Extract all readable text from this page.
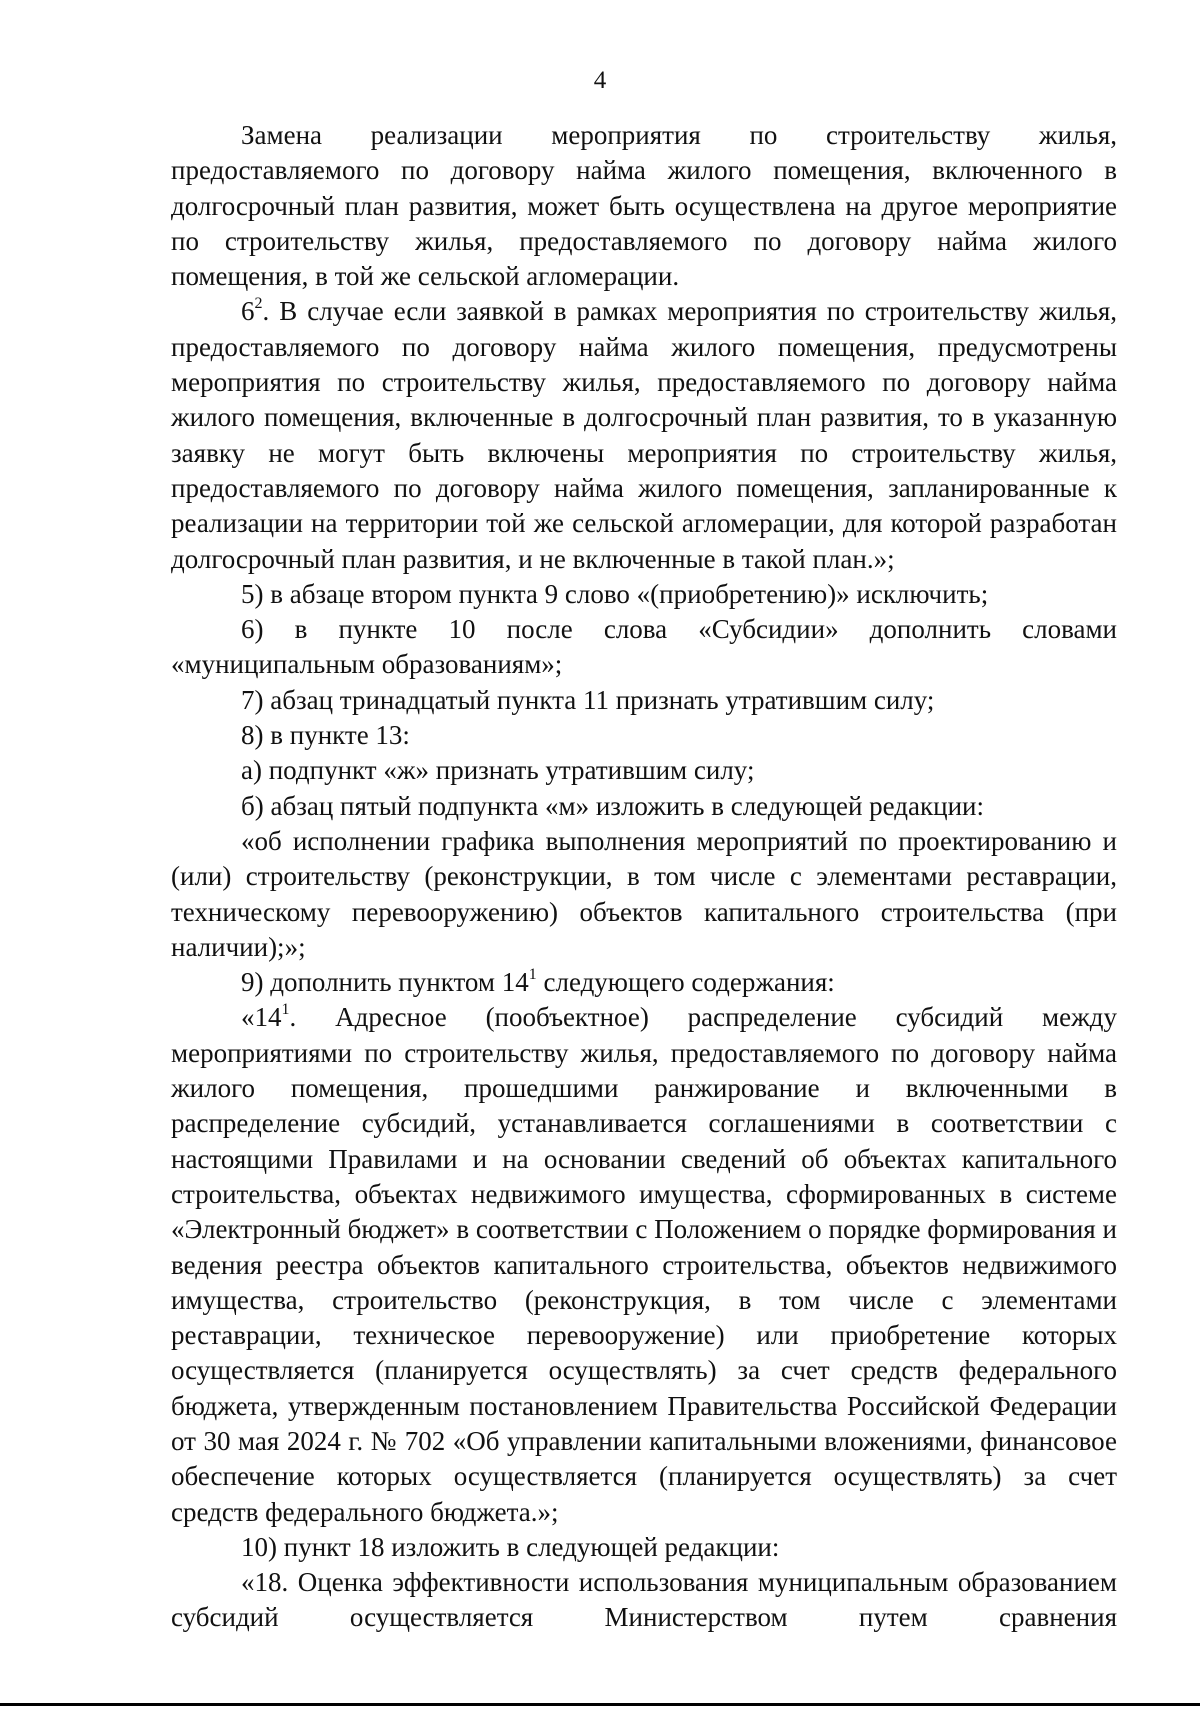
4

Замена реализации мероприятия по строительству жилья, предоставляемого по договору найма жилого помещения, включенного в долгосрочный план развития, может быть осуществлена на другое мероприятие по строительству жилья, предоставляемого по договору найма жилого помещения, в той же сельской агломерации.

$6^2$. В случае если заявкой в рамках мероприятия по строительству жилья, предоставляемого по договору найма жилого помещения, предусмотрены мероприятия по строительству жилья, предоставляемого по договору найма жилого помещения, включенные в долгосрочный план развития, то в указанную заявку не могут быть включены мероприятия по строительству жилья, предоставляемого по договору найма жилого помещения, запланированные к реализации на территории той же сельской агломерации, для которой разработан долгосрочный план развития, и не включенные в такой план.»;

5) в абзаце втором пункта 9 слово «(приобретению)» исключить;

6) в пункте 10 после слова «Субсидии» дополнить словами «муниципальным образованиям»;

7) абзац тринадцатый пункта 11 признать утратившим силу;

8) в пункте 13:

а) подпункт «ж» признать утратившим силу;

б) абзац пятый подпункта «м» изложить в следующей редакции:

«об исполнении графика выполнения мероприятий по проектированию и (или) строительству (реконструкции, в том числе с элементами реставрации, техническому перевооружению) объектов капитального строительства (при наличии);»;

9) дополнить пунктом $14^1$ следующего содержания:

«$14^1$. Адресное (пообъектное) распределение субсидий между мероприятиями по строительству жилья, предоставляемого по договору найма жилого помещения, прошедшими ранжирование и включенными в распределение субсидий, устанавливается соглашениями в соответствии с настоящими Правилами и на основании сведений об объектах капитального строительства, объектах недвижимого имущества, сформированных в системе «Электронный бюджет» в соответствии с Положением о порядке формирования и ведения реестра объектов капитального строительства, объектов недвижимого имущества, строительство (реконструкция, в том числе с элементами реставрации, техническое перевооружение) или приобретение которых осуществляется (планируется осуществлять) за счет средств федерального бюджета, утвержденным постановлением Правительства Российской Федерации от 30 мая 2024 г. № 702 «Об управлении капитальными вложениями, финансовое обеспечение которых осуществляется (планируется осуществлять) за счет средств федерального бюджета.»;

10) пункт 18 изложить в следующей редакции:

«18. Оценка эффективности использования муниципальным образованием субсидий осуществляется Министерством путем сравнения
